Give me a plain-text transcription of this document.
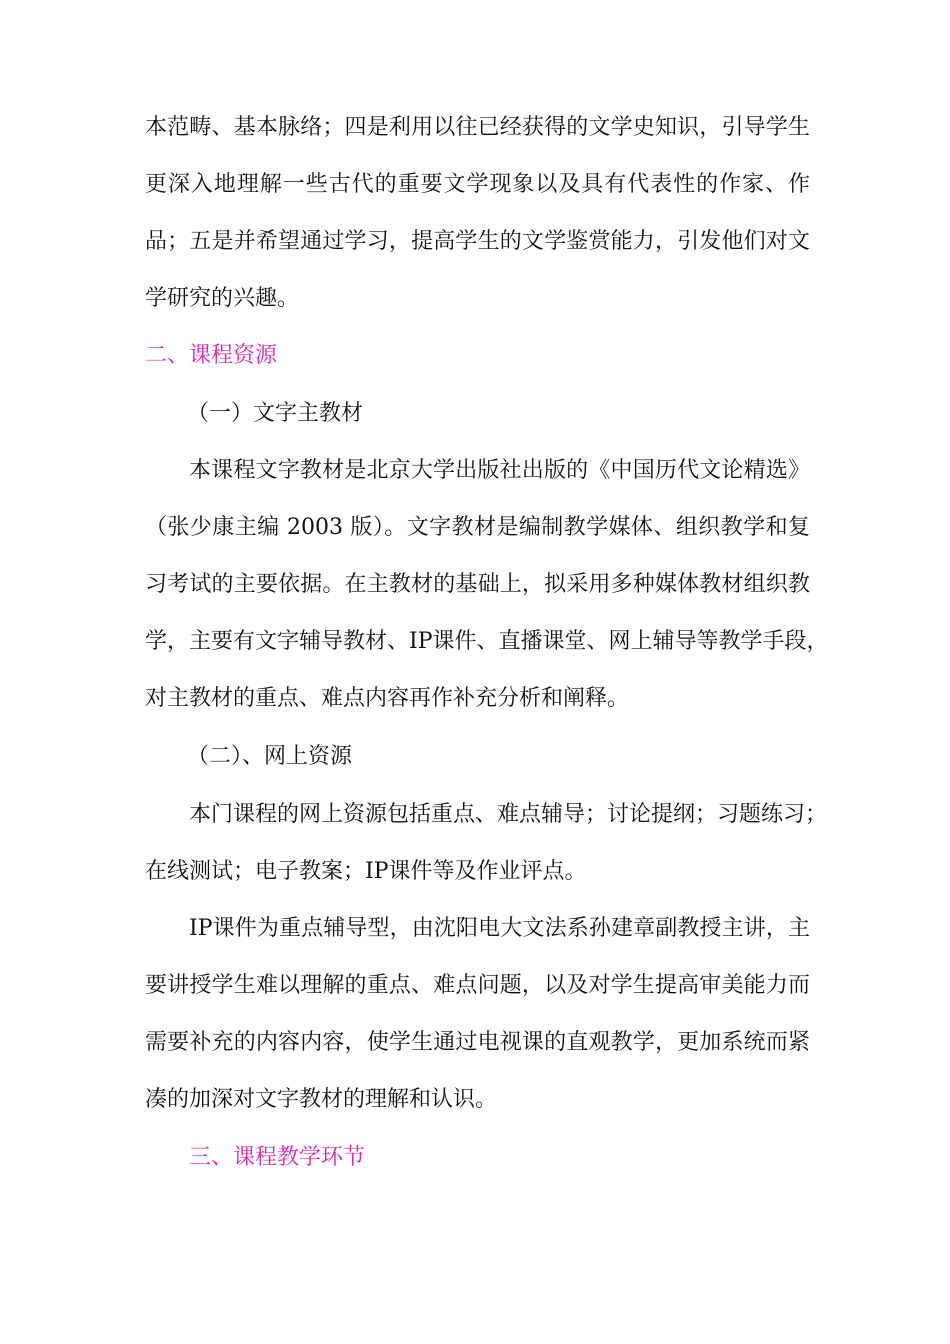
本范畴、基本脉络；四是利用以往已经获得的文学史知识，引导学生
更深入地理解一些古代的重要文学现象以及具有代表性的作家、作
品；五是并希望通过学习，提高学生的文学鉴赏能力，引发他们对文
学研究的兴趣。
二、课程资源
（一）文字主教材
本课程文字教材是北京大学出版社出版的《中国历代文论精选》
（张少康主编 2003 版）。文字教材是编制教学媒体、组织教学和复
习考试的主要依据。在主教材的基础上，拟采用多种媒体教材组织教
学，主要有文字辅导教材、IP课件、直播课堂、网上辅导等教学手段，
对主教材的重点、难点内容再作补充分析和阐释。
（二）、网上资源
本门课程的网上资源包括重点、难点辅导；讨论提纲；习题练习；
在线测试；电子教案；IP课件等及作业评点。
IP课件为重点辅导型，由沈阳电大文法系孙建章副教授主讲，主
要讲授学生难以理解的重点、难点问题，以及对学生提高审美能力而
需要补充的内容内容，使学生通过电视课的直观教学，更加系统而紧
凑的加深对文字教材的理解和认识。
三、课程教学环节
